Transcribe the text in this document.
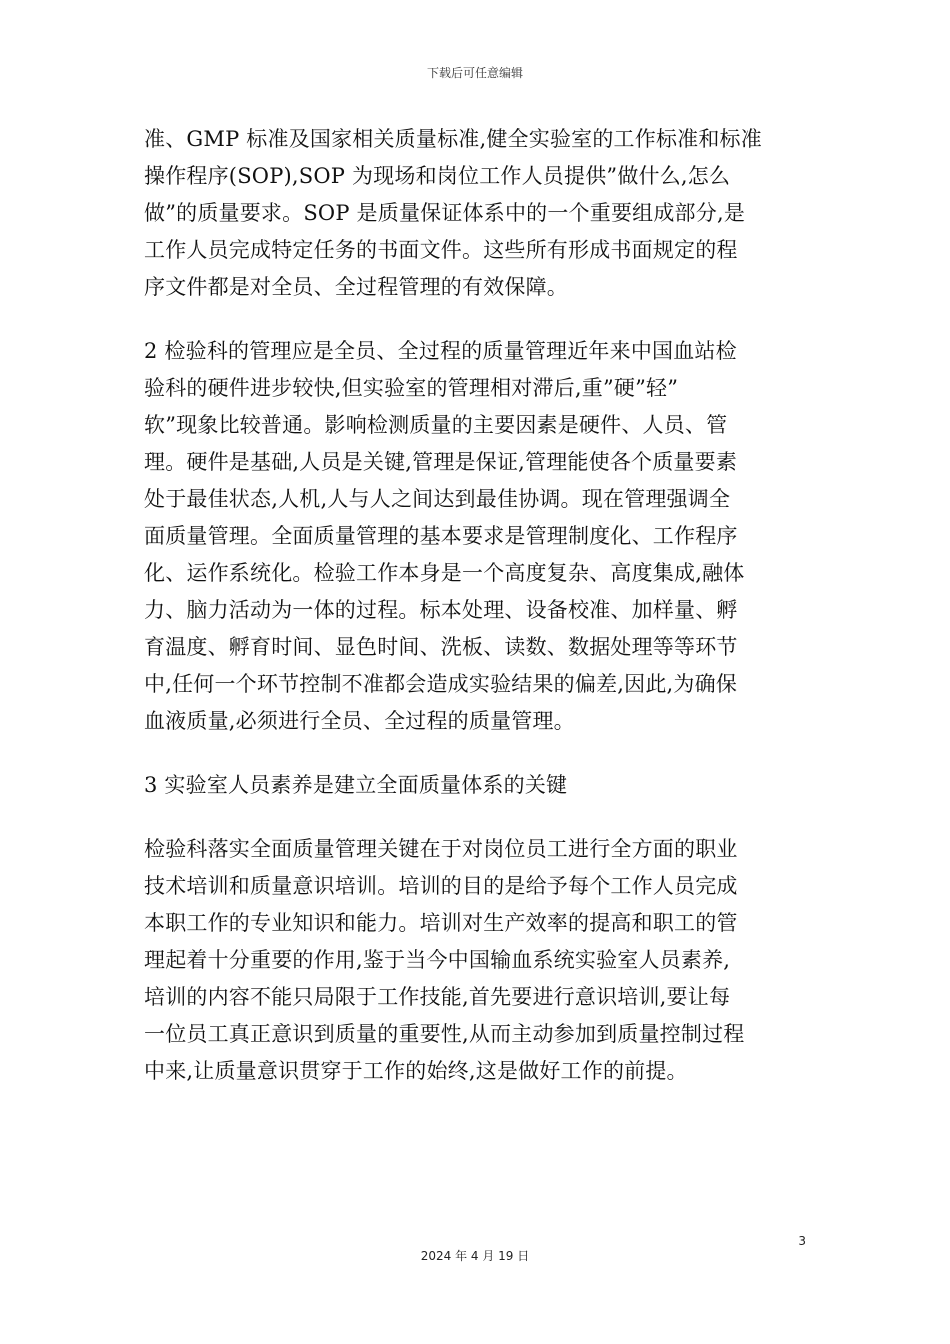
下载后可任意编辑
准、GMP 标准及国家相关质量标准,健全实验室的工作标准和标准
操作程序(SOP),SOP 为现场和岗位工作人员提供”做什么,怎么
做”的质量要求。SOP 是质量保证体系中的一个重要组成部分,是
工作人员完成特定任务的书面文件。这些所有形成书面规定的程
序文件都是对全员、全过程管理的有效保障。
2 检验科的管理应是全员、全过程的质量管理近年来中国血站检
验科的硬件进步较快,但实验室的管理相对滞后,重”硬”轻”
软”现象比较普通。影响检测质量的主要因素是硬件、人员、管
理。硬件是基础,人员是关键,管理是保证,管理能使各个质量要素
处于最佳状态,人机,人与人之间达到最佳协调。现在管理强调全
面质量管理。全面质量管理的基本要求是管理制度化、工作程序
化、运作系统化。检验工作本身是一个高度复杂、高度集成,融体
力、脑力活动为一体的过程。标本处理、设备校准、加样量、孵
育温度、孵育时间、显色时间、洗板、读数、数据处理等等环节
中,任何一个环节控制不准都会造成实验结果的偏差,因此,为确保
血液质量,必须进行全员、全过程的质量管理。
3 实验室人员素养是建立全面质量体系的关键
检验科落实全面质量管理关键在于对岗位员工进行全方面的职业
技术培训和质量意识培训。培训的目的是给予每个工作人员完成
本职工作的专业知识和能力。培训对生产效率的提高和职工的管
理起着十分重要的作用,鉴于当今中国输血系统实验室人员素养,
培训的内容不能只局限于工作技能,首先要进行意识培训,要让每
一位员工真正意识到质量的重要性,从而主动参加到质量控制过程
中来,让质量意识贯穿于工作的始终,这是做好工作的前提。
3
2024 年 4 月 19 日
